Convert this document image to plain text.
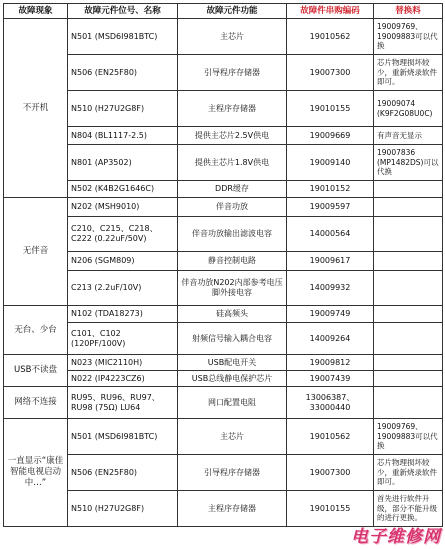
故障现象	故障元件位号、名称	故障元件功能	故障件串购编码	替换料
不开机	N501 (MSD6I981BTC)	主芯片	19010562	19009769、19009883可以代换
	N506 (EN25F80)	引导程序存储器	19007300	芯片物理损坏较少，重新烧录软件即可。
	N510 (H27U2G8F)	主程序存储器	19010155	19009074 (K9F2G08U0C)
	N804 (BL1117-2.5)	提供主芯片2.5V供电	19009669	有声音无显示
	N801 (AP3502)	提供主芯片1.8V供电	19009140	19007836 (MP1482DS)可以代换
	N502 (K4B2G1646C)	DDR缓存	19010152	
无伴音	N202 (MSH9010)	伴音功放	19009597	
	C210、C215、C218、C222 (0.22uF/50V)	伴音功放输出滤波电容	14000564	
	N206 (SGM809)	静音控制电路	19009617	
	C213 (2.2uF/10V)	伴音功放N202内部参考电压脚外接电容	14009932	
无台、少台	N102 (TDA18273)	硅高频头	19009749	
	C101、C102 (120PF/100V)	射频信号输入耦合电容	14009264	
USB不读盘	N023 (MIC2110H)	USB配电开关	19009812	
	N022 (IP4223CZ6)	USB总线静电保护芯片	19007439	
网络不连接	RU95、RU96、RU97、RU98 (75Ω) LU64	网口配置电阻	13006387、33000440	
一直显示“康佳智能电视启动中…”	N501 (MSD6I981BTC)	主芯片	19010562	19009769、19009883可以代换
	N506 (EN25F80)	引导程序存储器	19007300	芯片物理损坏较少，重新烧录软件即可。
	N510 (H27U2G8F)	主程序存储器	19010155	首先进行软件升级，部分不能升级的进行更换。
电子维修网
